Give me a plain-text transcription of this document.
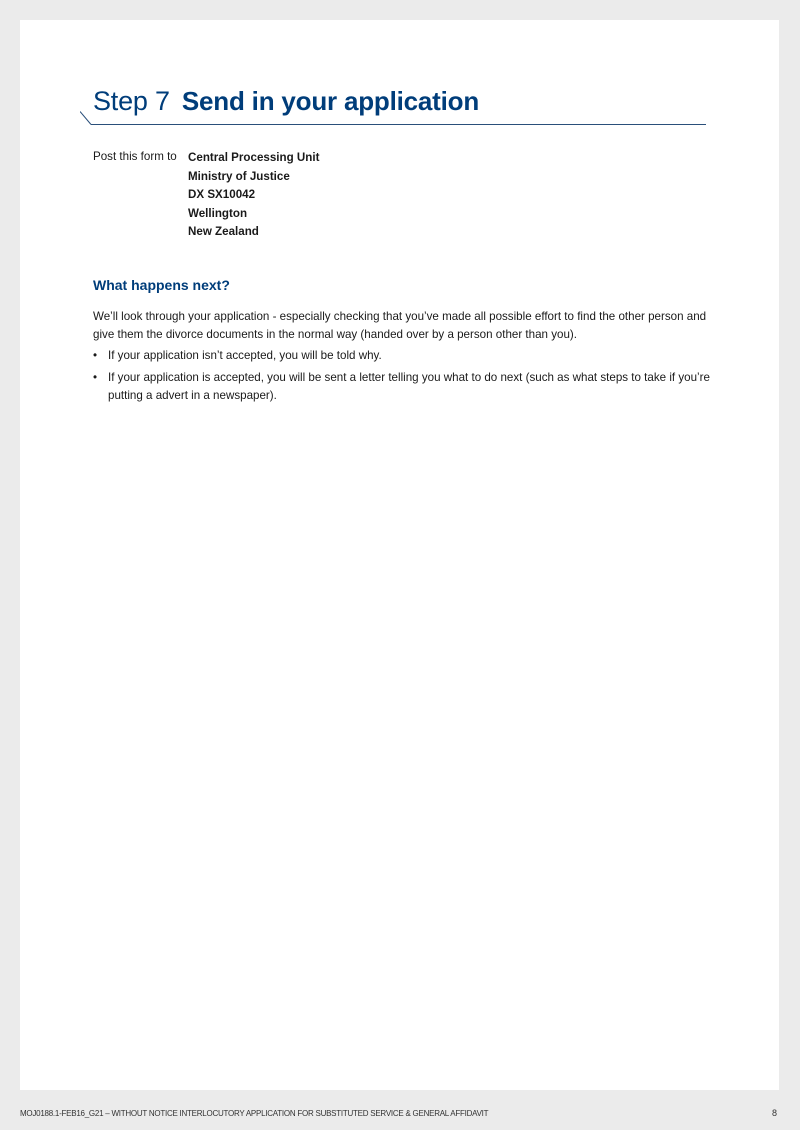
Step 7 Send in your application
Post this form to Central Processing Unit
Ministry of Justice
DX SX10042
Wellington
New Zealand
What happens next?
We’ll look through your application - especially checking that you’ve made all possible effort to find the other person and give them the divorce documents in the normal way (handed over by a person other than you).
• If your application isn’t accepted, you will be told why.
• If your application is accepted, you will be sent a letter telling you what to do next (such as what steps to take if you’re putting a advert in a newspaper).
MOJ0188.1-FEB16_G21 – WITHOUT NOTICE INTERLOCUTORY APPLICATION FOR SUBSTITUTED SERVICE & GENERAL AFFIDAVIT	8
